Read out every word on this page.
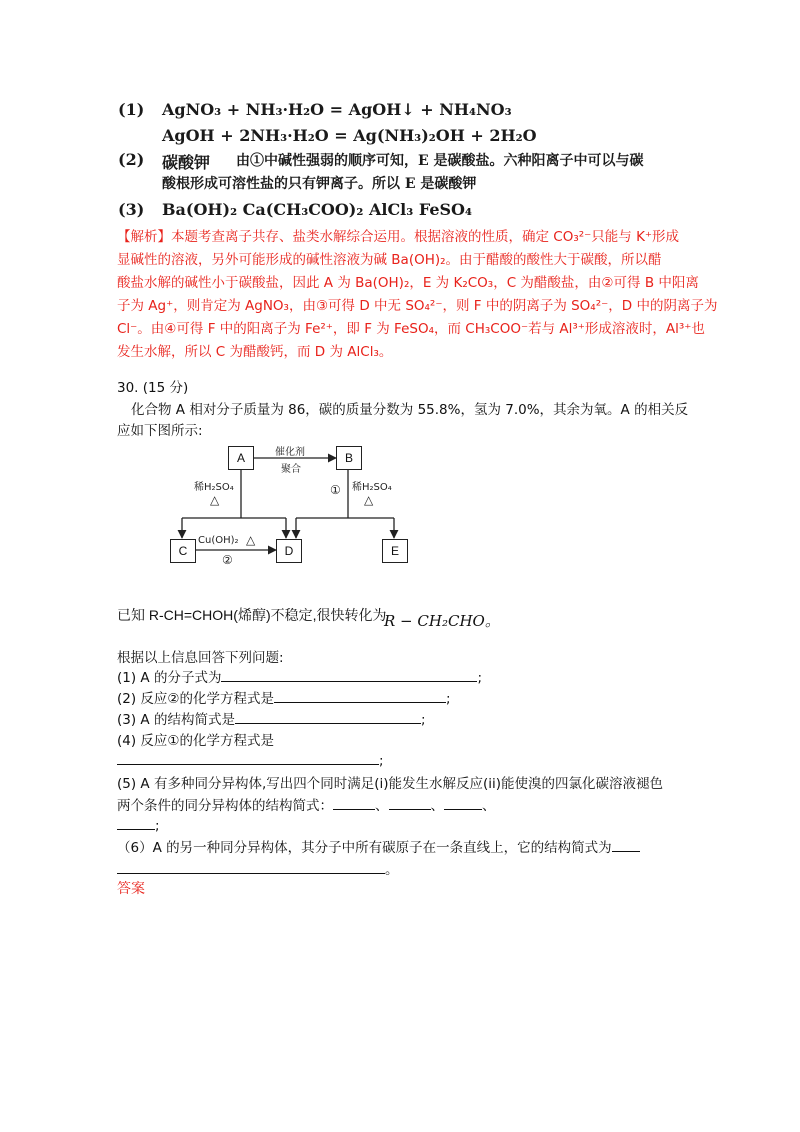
(1) AgNO₃ + NH₃·H₂O = AgOH↓ + NH₄NO₃
AgOH + 2NH₃·H₂O = Ag(NH₃)₂OH + 2H₂O
(2) 碳酸钾 由①中碱性强弱的顺序可知，E 是碳酸盐。六种阳离子中可以与碳
酸根形成可溶性盐的只有钾离子。所以 E 是碳酸钾
(3) Ba(OH)₂ Ca(CH₃COO)₂ AlCl₃ FeSO₄
【解析】本题考查离子共存、盐类水解综合运用。根据溶液的性质，确定 CO₃²⁻只能与 K⁺形成
显碱性的溶液，另外可能形成的碱性溶液为碱 Ba(OH)₂。由于醋酸的酸性大于碳酸，所以醋
酸盐水解的碱性小于碳酸盐，因此 A 为 Ba(OH)₂，E 为 K₂CO₃，C 为醋酸盐，由②可得 B 中阳离
子为 Ag⁺，则肯定为 AgNO₃，由③可得 D 中无 SO₄²⁻，则 F 中的阴离子为 SO₄²⁻，D 中的阴离子为
Cl⁻。由④可得 F 中的阳离子为 Fe²⁺，即 F 为 FeSO₄，而 CH₃COO⁻若与 Al³⁺形成溶液时，Al³⁺也
发生水解，所以 C 为醋酸钙，而 D 为 AlCl₃。
30. (15 分)
化合物 A 相对分子质量为 86，碳的质量分数为 55.8%，氢为 7.0%，其余为氧。A 的相关反
应如下图所示:
A	B
C	D	E
催化剂
聚合
稀H₂SO₄
△
① 稀H₂SO₄
△
Cu(OH)₂ △
②
已知 R-CH=CHOH(烯醇)不稳定,很快转化为
R − CH₂CHO。
根据以上信息回答下列问题:
(1) A 的分子式为	;
(2) 反应②的化学方程式是	;
(3) A 的结构简式是	;
(4) 反应①的化学方程式是
;
(5) A 有多种同分异构体,写出四个同时满足(i)能发生水解反应(ii)能使溴的四氯化碳溶液褪色
两个条件的同分异构体的结构简式：	、	、	、
;
（6）A 的另一种同分异构体，其分子中所有碳原子在一条直线上，它的结构简式为
。
答案
